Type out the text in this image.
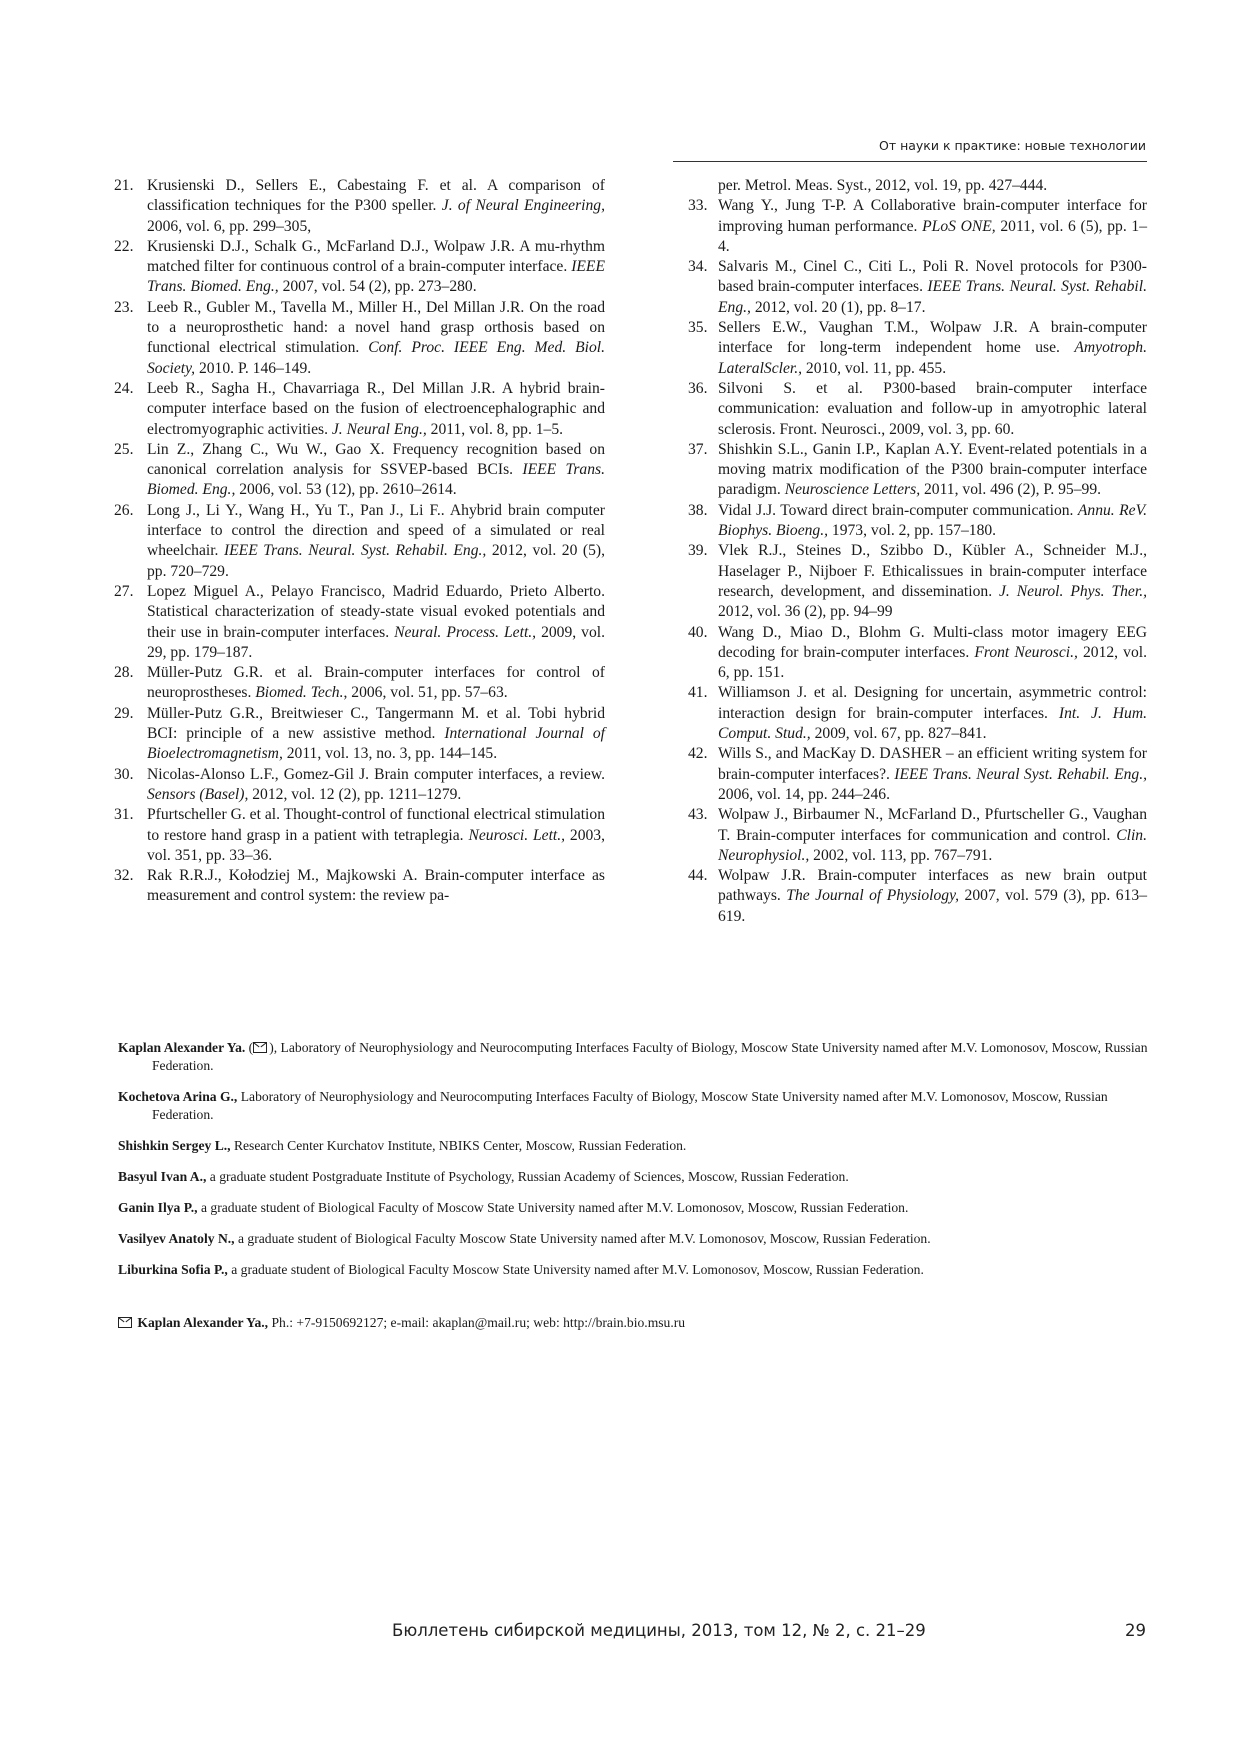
От науки к практике: новые технологии

21. Krusienski D., Sellers E., Cabestaing F. et al. A comparison of classification techniques for the P300 speller. J. of Neural Engineering, 2006, vol. 6, pp. 299–305,

22. Krusienski D.J., Schalk G., McFarland D.J., Wolpaw J.R. A mu-rhythm matched filter for continuous control of a brain-computer interface. IEEE Trans. Biomed. Eng., 2007, vol. 54 (2), pp. 273–280.

23. Leeb R., Gubler M., Tavella M., Miller H., Del Millan J.R. On the road to a neuroprosthetic hand: a novel hand grasp orthosis based on functional electrical stimulation. Conf. Proc. IEEE Eng. Med. Biol. Society, 2010. P. 146–149.

24. Leeb R., Sagha H., Chavarriaga R., Del Millan J.R. A hybrid brain-computer interface based on the fusion of electroencephalographic and electromyographic activities. J. Neural Eng., 2011, vol. 8, pp. 1–5.

25. Lin Z., Zhang C., Wu W., Gao X. Frequency recognition based on canonical correlation analysis for SSVEP-based BCIs. IEEE Trans. Biomed. Eng., 2006, vol. 53 (12), pp. 2610–2614.

26. Long J., Li Y., Wang H., Yu T., Pan J., Li F.. Ahybrid brain computer interface to control the direction and speed of a simulated or real wheelchair. IEEE Trans. Neural. Syst. Rehabil. Eng., 2012, vol. 20 (5), pp. 720–729.

27. Lopez Miguel A., Pelayo Francisco, Madrid Eduardo, Prieto Alberto. Statistical characterization of steady-state visual evoked potentials and their use in brain-computer interfaces. Neural. Process. Lett., 2009, vol. 29, pp. 179–187.

28. Müller-Putz G.R. et al. Brain-computer interfaces for control of neuroprostheses. Biomed. Tech., 2006, vol. 51, pp. 57–63.

29. Müller-Putz G.R., Breitwieser C., Tangermann M. et al. Tobi hybrid BCI: principle of a new assistive method. International Journal of Bioelectromagnetism, 2011, vol. 13, no. 3, pp. 144–145.

30. Nicolas-Alonso L.F., Gomez-Gil J. Brain computer interfaces, a review. Sensors (Basel), 2012, vol. 12 (2), pp. 1211–1279.

31. Pfurtscheller G. et al. Thought-control of functional electrical stimulation to restore hand grasp in a patient with tetraplegia. Neurosci. Lett., 2003, vol. 351, pp. 33–36.

32. Rak R.R.J., Kołodziej M., Majkowski A. Brain-computer interface as measurement and control system: the review pa-

per. Metrol. Meas. Syst., 2012, vol. 19, pp. 427–444.

33. Wang Y., Jung T-P. A Collaborative brain-computer interface for improving human performance. PLoS ONE, 2011, vol. 6 (5), pp. 1–4.

34. Salvaris M., Cinel C., Citi L., Poli R. Novel protocols for P300-based brain-computer interfaces. IEEE Trans. Neural. Syst. Rehabil. Eng., 2012, vol. 20 (1), pp. 8–17.

35. Sellers E.W., Vaughan T.M., Wolpaw J.R. A brain-computer interface for long-term independent home use. Amyotroph. LateralScler., 2010, vol. 11, pp. 455.

36. Silvoni S. et al. P300-based brain-computer interface communication: evaluation and follow-up in amyotrophic lateral sclerosis. Front. Neurosci., 2009, vol. 3, pp. 60.

37. Shishkin S.L., Ganin I.P., Kaplan A.Y. Event-related potentials in a moving matrix modification of the P300 brain-computer interface paradigm. Neuroscience Letters, 2011, vol. 496 (2), P. 95–99.

38. Vidal J.J. Toward direct brain-computer communication. Annu. ReV. Biophys. Bioeng., 1973, vol. 2, pp. 157–180.

39. Vlek R.J., Steines D., Szibbo D., Kübler A., Schneider M.J., Haselager P., Nijboer F. Ethicalissues in brain-computer interface research, development, and dissemination. J. Neurol. Phys. Ther., 2012, vol. 36 (2), pp. 94–99

40. Wang D., Miao D., Blohm G. Multi-class motor imagery EEG decoding for brain-computer interfaces. Front Neurosci., 2012, vol. 6, pp. 151.

41. Williamson J. et al. Designing for uncertain, asymmetric control: interaction design for brain-computer interfaces. Int. J. Hum. Comput. Stud., 2009, vol. 67, pp. 827–841.

42. Wills S., and MacKay D. DASHER – an efficient writing system for brain-computer interfaces?. IEEE Trans. Neural Syst. Rehabil. Eng., 2006, vol. 14, pp. 244–246.

43. Wolpaw J., Birbaumer N., McFarland D., Pfurtscheller G., Vaughan T. Brain-computer interfaces for communication and control. Clin. Neurophysiol., 2002, vol. 113, pp. 767–791.

44. Wolpaw J.R. Brain-computer interfaces as new brain output pathways. The Journal of Physiology, 2007, vol. 579 (3), pp. 613–619.

Kaplan Alexander Ya. ( ), Laboratory of Neurophysiology and Neurocomputing Interfaces Faculty of Biology, Moscow State University named after M.V. Lomonosov, Moscow, Russian Federation.

Kochetova Arina G., Laboratory of Neurophysiology and Neurocomputing Interfaces Faculty of Biology, Moscow State University named after M.V. Lomonosov, Moscow, Russian Federation.

Shishkin Sergey L., Research Center Kurchatov Institute, NBIKS Center, Moscow, Russian Federation.

Basyul Ivan A., a graduate student Postgraduate Institute of Psychology, Russian Academy of Sciences, Moscow, Russian Federation.

Ganin Ilya P., a graduate student of Biological Faculty of Moscow State University named after M.V. Lomonosov, Moscow, Russian Federation.

Vasilyev Anatoly N., a graduate student of Biological Faculty Moscow State University named after M.V. Lomonosov, Moscow, Russian Federation.

Liburkina Sofia P., a graduate student of Biological Faculty Moscow State University named after M.V. Lomonosov, Moscow, Russian Federation.

Kaplan Alexander Ya., Ph.: +7-9150692127; e-mail: akaplan@mail.ru; web: http://brain.bio.msu.ru
Бюллетень сибирской медицины, 2013, том 12, № 2, с. 21–29	29
